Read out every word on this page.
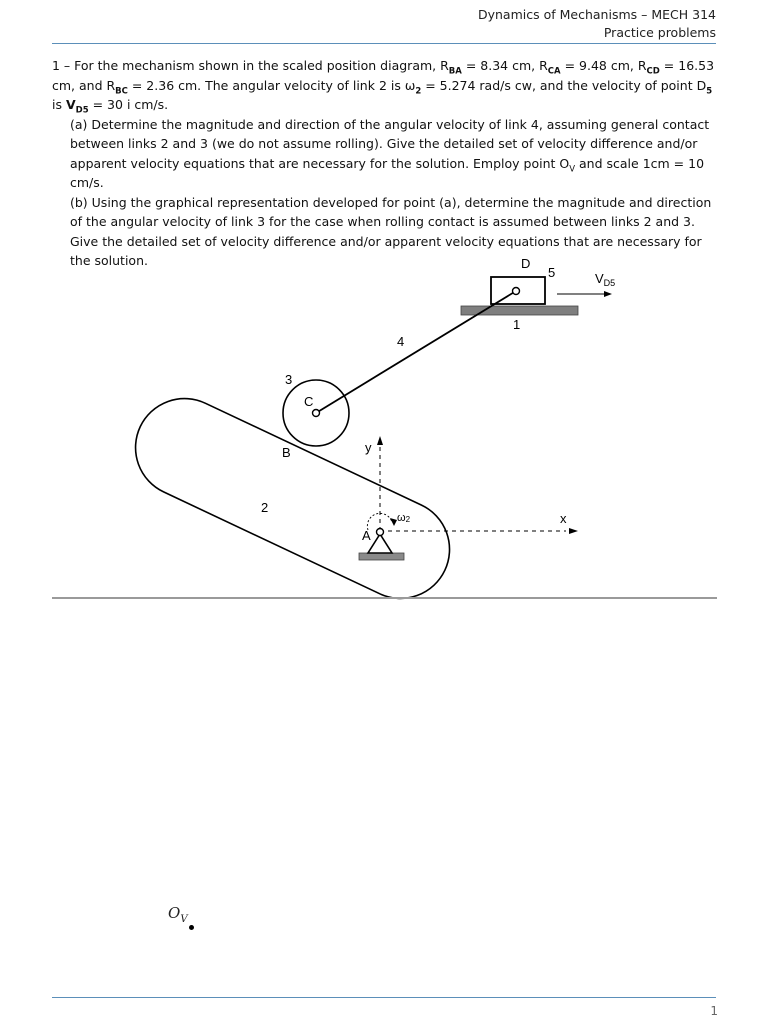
Dynamics of Mechanisms – MECH 314
Practice problems
1 – For the mechanism shown in the scaled position diagram, $R_{BA} = 8.34$ cm, $R_{CA} = 9.48$ cm, $R_{CD} = 16.53$ cm, and $R_{BC} = 2.36$ cm. The angular velocity of link 2 is $\omega_2 = 5.274$ rad/s cw, and the velocity of point $D_5$ is $V_{D5} = 30$ i cm/s.
(a) Determine the magnitude and direction of the angular velocity of link 4, assuming general contact between links 2 and 3 (we do not assume rolling). Give the detailed set of velocity difference and/or apparent velocity equations that are necessary for the solution. Employ point $O_V$ and scale 1cm = 10 cm/s.
(b) Using the graphical representation developed for point (a), determine the magnitude and direction of the angular velocity of link 3 for the case when rolling contact is assumed between links 2 and 3. Give the detailed set of velocity difference and/or apparent velocity equations that are necessary for the solution.	D
5	$V_{D5}$
1
4
3
C
B	y
2
ω2
A
x
$O_V$
1
